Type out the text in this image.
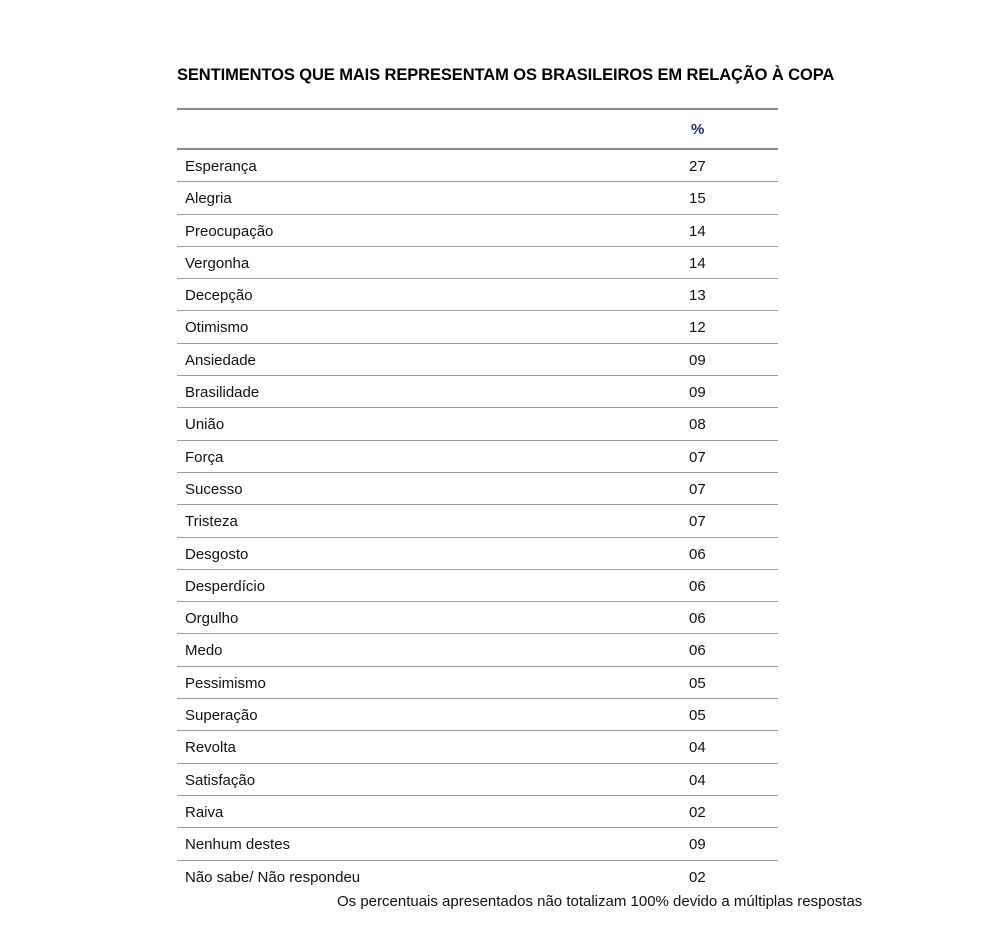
SENTIMENTOS QUE MAIS REPRESENTAM OS BRASILEIROS EM RELAÇÃO À COPA
%
Esperança	27
Alegria	15
Preocupação	14
Vergonha	14
Decepção	13
Otimismo	12
Ansiedade	09
Brasilidade	09
União	08
Força	07
Sucesso	07
Tristeza	07
Desgosto	06
Desperdício	06
Orgulho	06
Medo	06
Pessimismo	05
Superação	05
Revolta	04
Satisfação	04
Raiva	02
Nenhum destes	09
Não sabe/ Não respondeu	02
Os percentuais apresentados não totalizam 100% devido a múltiplas respostas
